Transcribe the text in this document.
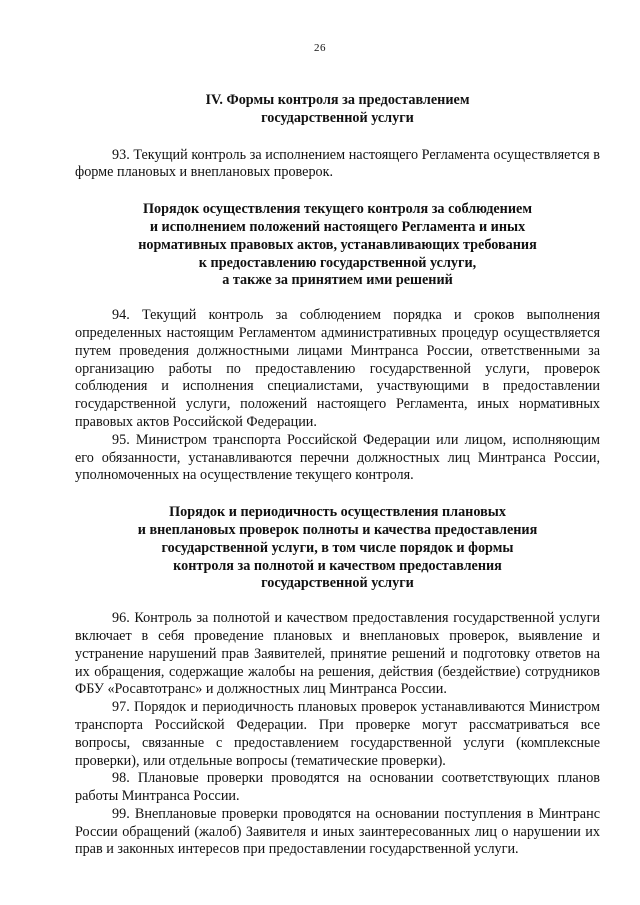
26
IV. Формы контроля за предоставлением
государственной услуги

93. Текущий контроль за исполнением настоящего Регламента осуществляется в форме плановых и внеплановых проверок.

Порядок осуществления текущего контроля за соблюдением
и исполнением положений настоящего Регламента и иных
нормативных правовых актов, устанавливающих требования
к предоставлению государственной услуги,
а также за принятием ими решений

94. Текущий контроль за соблюдением порядка и сроков выполнения определенных настоящим Регламентом административных процедур осуществляется путем проведения должностными лицами Минтранса России, ответственными за организацию работы по предоставлению государственной услуги, проверок соблюдения и исполнения специалистами, участвующими в предоставлении государственной услуги, положений настоящего Регламента, иных нормативных правовых актов Российской Федерации.

95. Министром транспорта Российской Федерации или лицом, исполняющим его обязанности, устанавливаются перечни должностных лиц Минтранса России, уполномоченных на осуществление текущего контроля.

Порядок и периодичность осуществления плановых
и внеплановых проверок полноты и качества предоставления
государственной услуги, в том числе порядок и формы
контроля за полнотой и качеством предоставления
государственной услуги

96. Контроль за полнотой и качеством предоставления государственной услуги включает в себя проведение плановых и внеплановых проверок, выявление и устранение нарушений прав Заявителей, принятие решений и подготовку ответов на их обращения, содержащие жалобы на решения, действия (бездействие) сотрудников ФБУ «Росавтотранс» и должностных лиц Минтранса России.

97. Порядок и периодичность плановых проверок устанавливаются Министром транспорта Российской Федерации. При проверке могут рассматриваться все вопросы, связанные с предоставлением государственной услуги (комплексные проверки), или отдельные вопросы (тематические проверки).

98. Плановые проверки проводятся на основании соответствующих планов работы Минтранса России.

99. Внеплановые проверки проводятся на основании поступления в Минтранс России обращений (жалоб) Заявителя и иных заинтересованных лиц о нарушении их прав и законных интересов при предоставлении государственной услуги.
